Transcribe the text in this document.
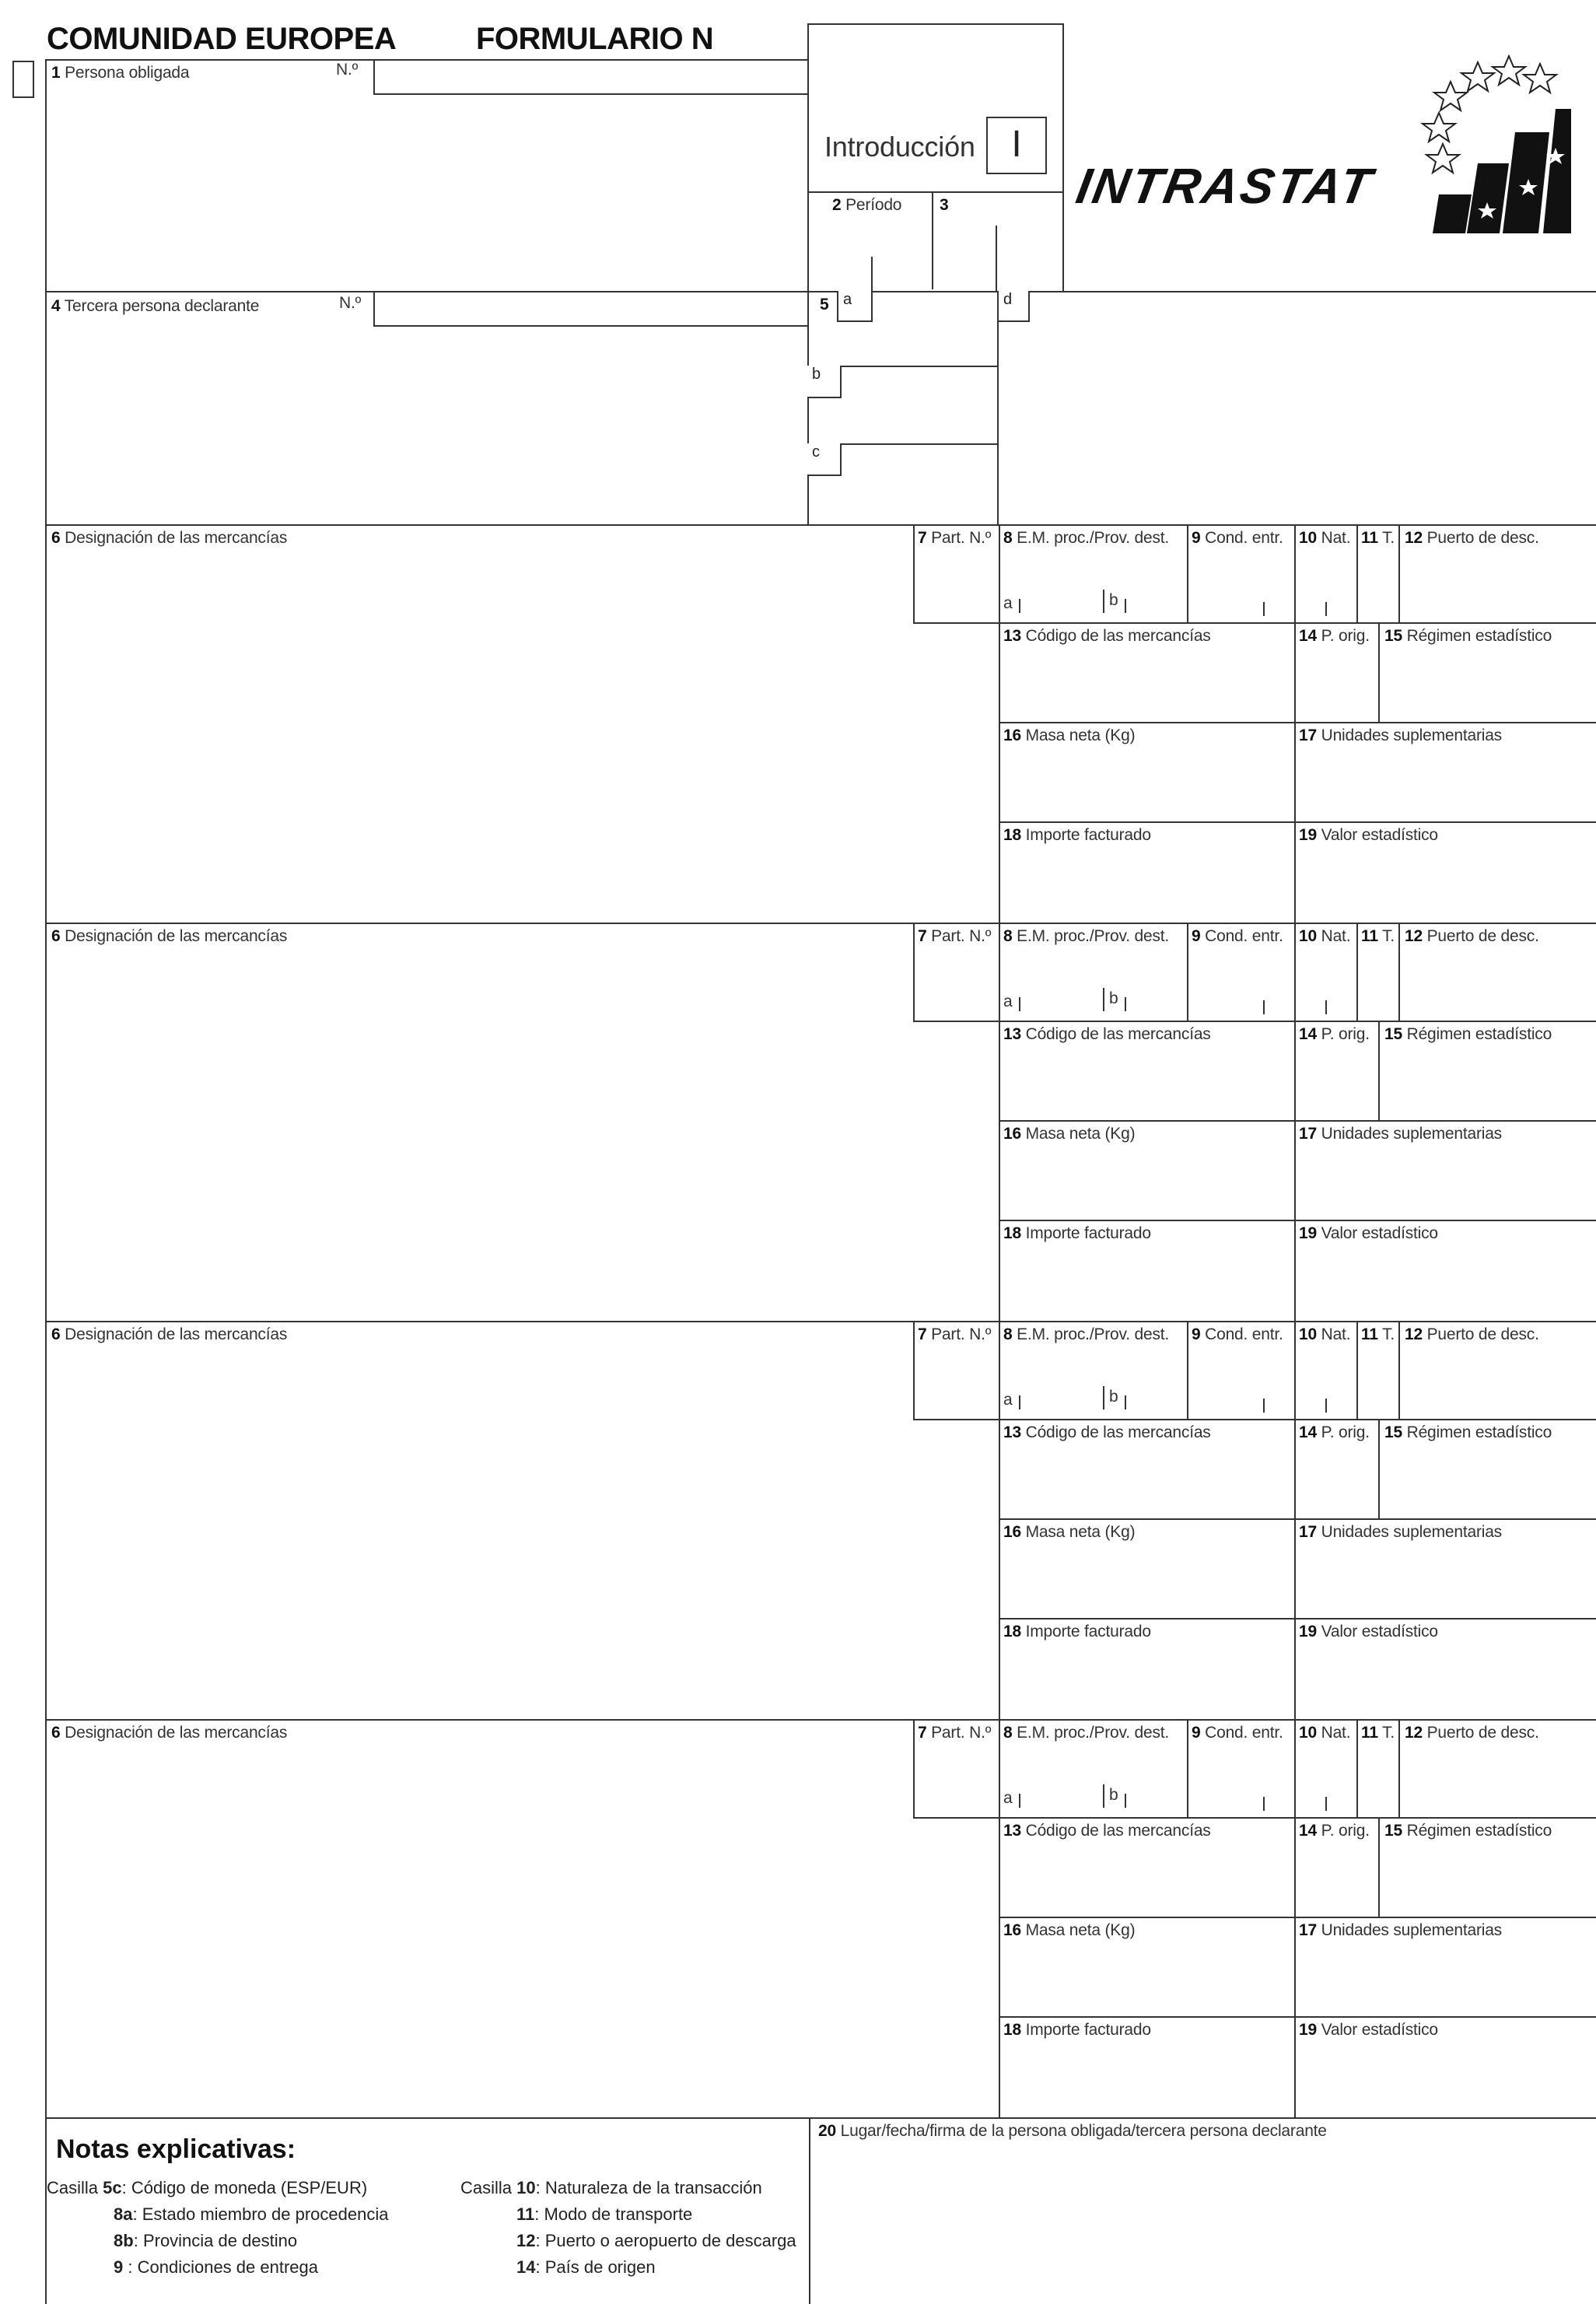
COMUNIDAD EUROPEA	FORMULARIO N
INTRASTAT
Introducción I
2 Período 3
1 Persona obligada	N.º
4 Tercera persona declarante	N.º	5 a
b
c
d
6 Designación de las mercancías	7 Part. N.º 8 E.M. proc./Prov. dest. 9 Cond. entr. 10 Nat. 11 T. 12 Puerto de desc.
a	b
13 Código de las mercancías	14 P. orig. 15 Régimen estadístico
16 Masa neta (Kg)	17 Unidades suplementarias
18 Importe facturado	19 Valor estadístico
6 Designación de las mercancías	7 Part. N.º 8 E.M. proc./Prov. dest. 9 Cond. entr. 10 Nat. 11 T. 12 Puerto de desc.
a	b
13 Código de las mercancías	14 P. orig. 15 Régimen estadístico
16 Masa neta (Kg)	17 Unidades suplementarias
18 Importe facturado	19 Valor estadístico
6 Designación de las mercancías	7 Part. N.º 8 E.M. proc./Prov. dest. 9 Cond. entr. 10 Nat. 11 T. 12 Puerto de desc.
a	b
13 Código de las mercancías	14 P. orig. 15 Régimen estadístico
16 Masa neta (Kg)	17 Unidades suplementarias
18 Importe facturado	19 Valor estadístico
6 Designación de las mercancías	7 Part. N.º 8 E.M. proc./Prov. dest. 9 Cond. entr. 10 Nat. 11 T. 12 Puerto de desc.
a	b
13 Código de las mercancías	14 P. orig. 15 Régimen estadístico
16 Masa neta (Kg)	17 Unidades suplementarias
18 Importe facturado	19 Valor estadístico
20 Lugar/fecha/firma de la persona obligada/tercera persona declarante
Notas explicativas:
Casilla 5c: Código de moneda (ESP/EUR)
8a: Estado miembro de procedencia
8b: Provincia de destino
9 : Condiciones de entrega
Casilla 10: Naturaleza de la transacción
11: Modo de transporte
12: Puerto o aeropuerto de descarga
14: País de origen
